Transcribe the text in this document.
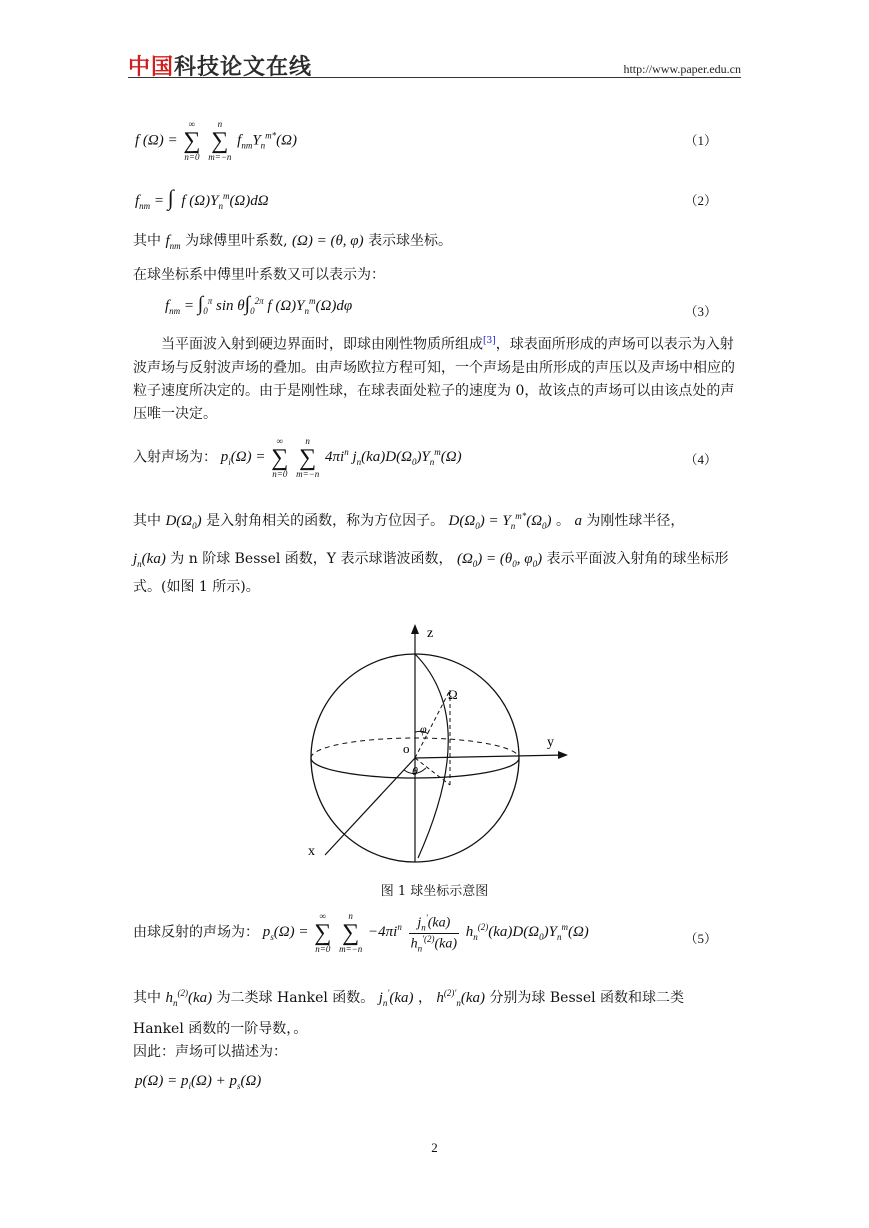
中国科技论文在线	http://www.paper.edu.cn
f (Ω) =
∞
∑
n=0

n
∑
m=−n
$f_{nm}Y_n^{m*}(\Omega)$	（1）
$f_{nm}$ = ∫  f $(\Omega)Y_n^m(\Omega)d\Omega$	（2）
其中 $f_{nm}$ 为球傅里叶系数, (Ω) = (θ, φ) 表示球坐标。
在球坐标系中傅里叶系数又可以表示为：
$f_{nm} = \int_0^\pi$ $\sin \theta\int_0^{2\pi}$ f $(\Omega)Y_n^m(\Omega)d\varphi$	（3）
当平面波入射到硬边界面时，即球由刚性物质所组成[3]，球表面所形成的声场可以表示为入射波声场与反射波声场的叠加。由声场欧拉方程可知，一个声场是由所形成的声压以及声场中相应的粒子速度所决定的。由于是刚性球，在球表面处粒子的速度为 0，故该点的声场可以由该点处的声压唯一决定。
入射声场为： $p_i(\Omega)$ =
∞
∑
n=0

n
∑
m=−n
$4\pi i^n$ $j_n(ka)D(\Omega_0)Y_n^m(\Omega)$	（4）
其中 $D(\Omega_0)$ 是入射角相关的函数，称为方位因子。 $D(\Omega_0) = Y_n^{m*}(\Omega_0)$ 。 a 为刚性球半径，
$j_n(ka)$ 为 n 阶球 Bessel 函数，Y 表示球谐波函数， $(\Omega_0) = (\theta_0$, $\varphi_0$) 表示平面波入射角的球坐标形式。(如图 1 所示)。
z
y
x
o
Ω
φ
θ
图 1 球坐标示意图
由球反射的声场为： $p_s(\Omega)$ =
∞
∑
n=0

n
∑
m=−n
$-4\pi i^n \frac{j_n'(ka)}{h_n^{'(2)}(ka)} h_n^{(2)}(ka)D(\Omega_0)Y_n^m(\Omega)$	（5）
其中 $h_n^{(2)}(ka)$ 为二类球 Hankel 函数。 $j_n'(ka)$ ， $h^{(2)'}_n(ka)$ 分别为球 Bessel 函数和球二类
Hankel 函数的一阶导数，。
因此：声场可以描述为：
$p(\Omega) = p_i(\Omega) + p_s(\Omega)$
2
